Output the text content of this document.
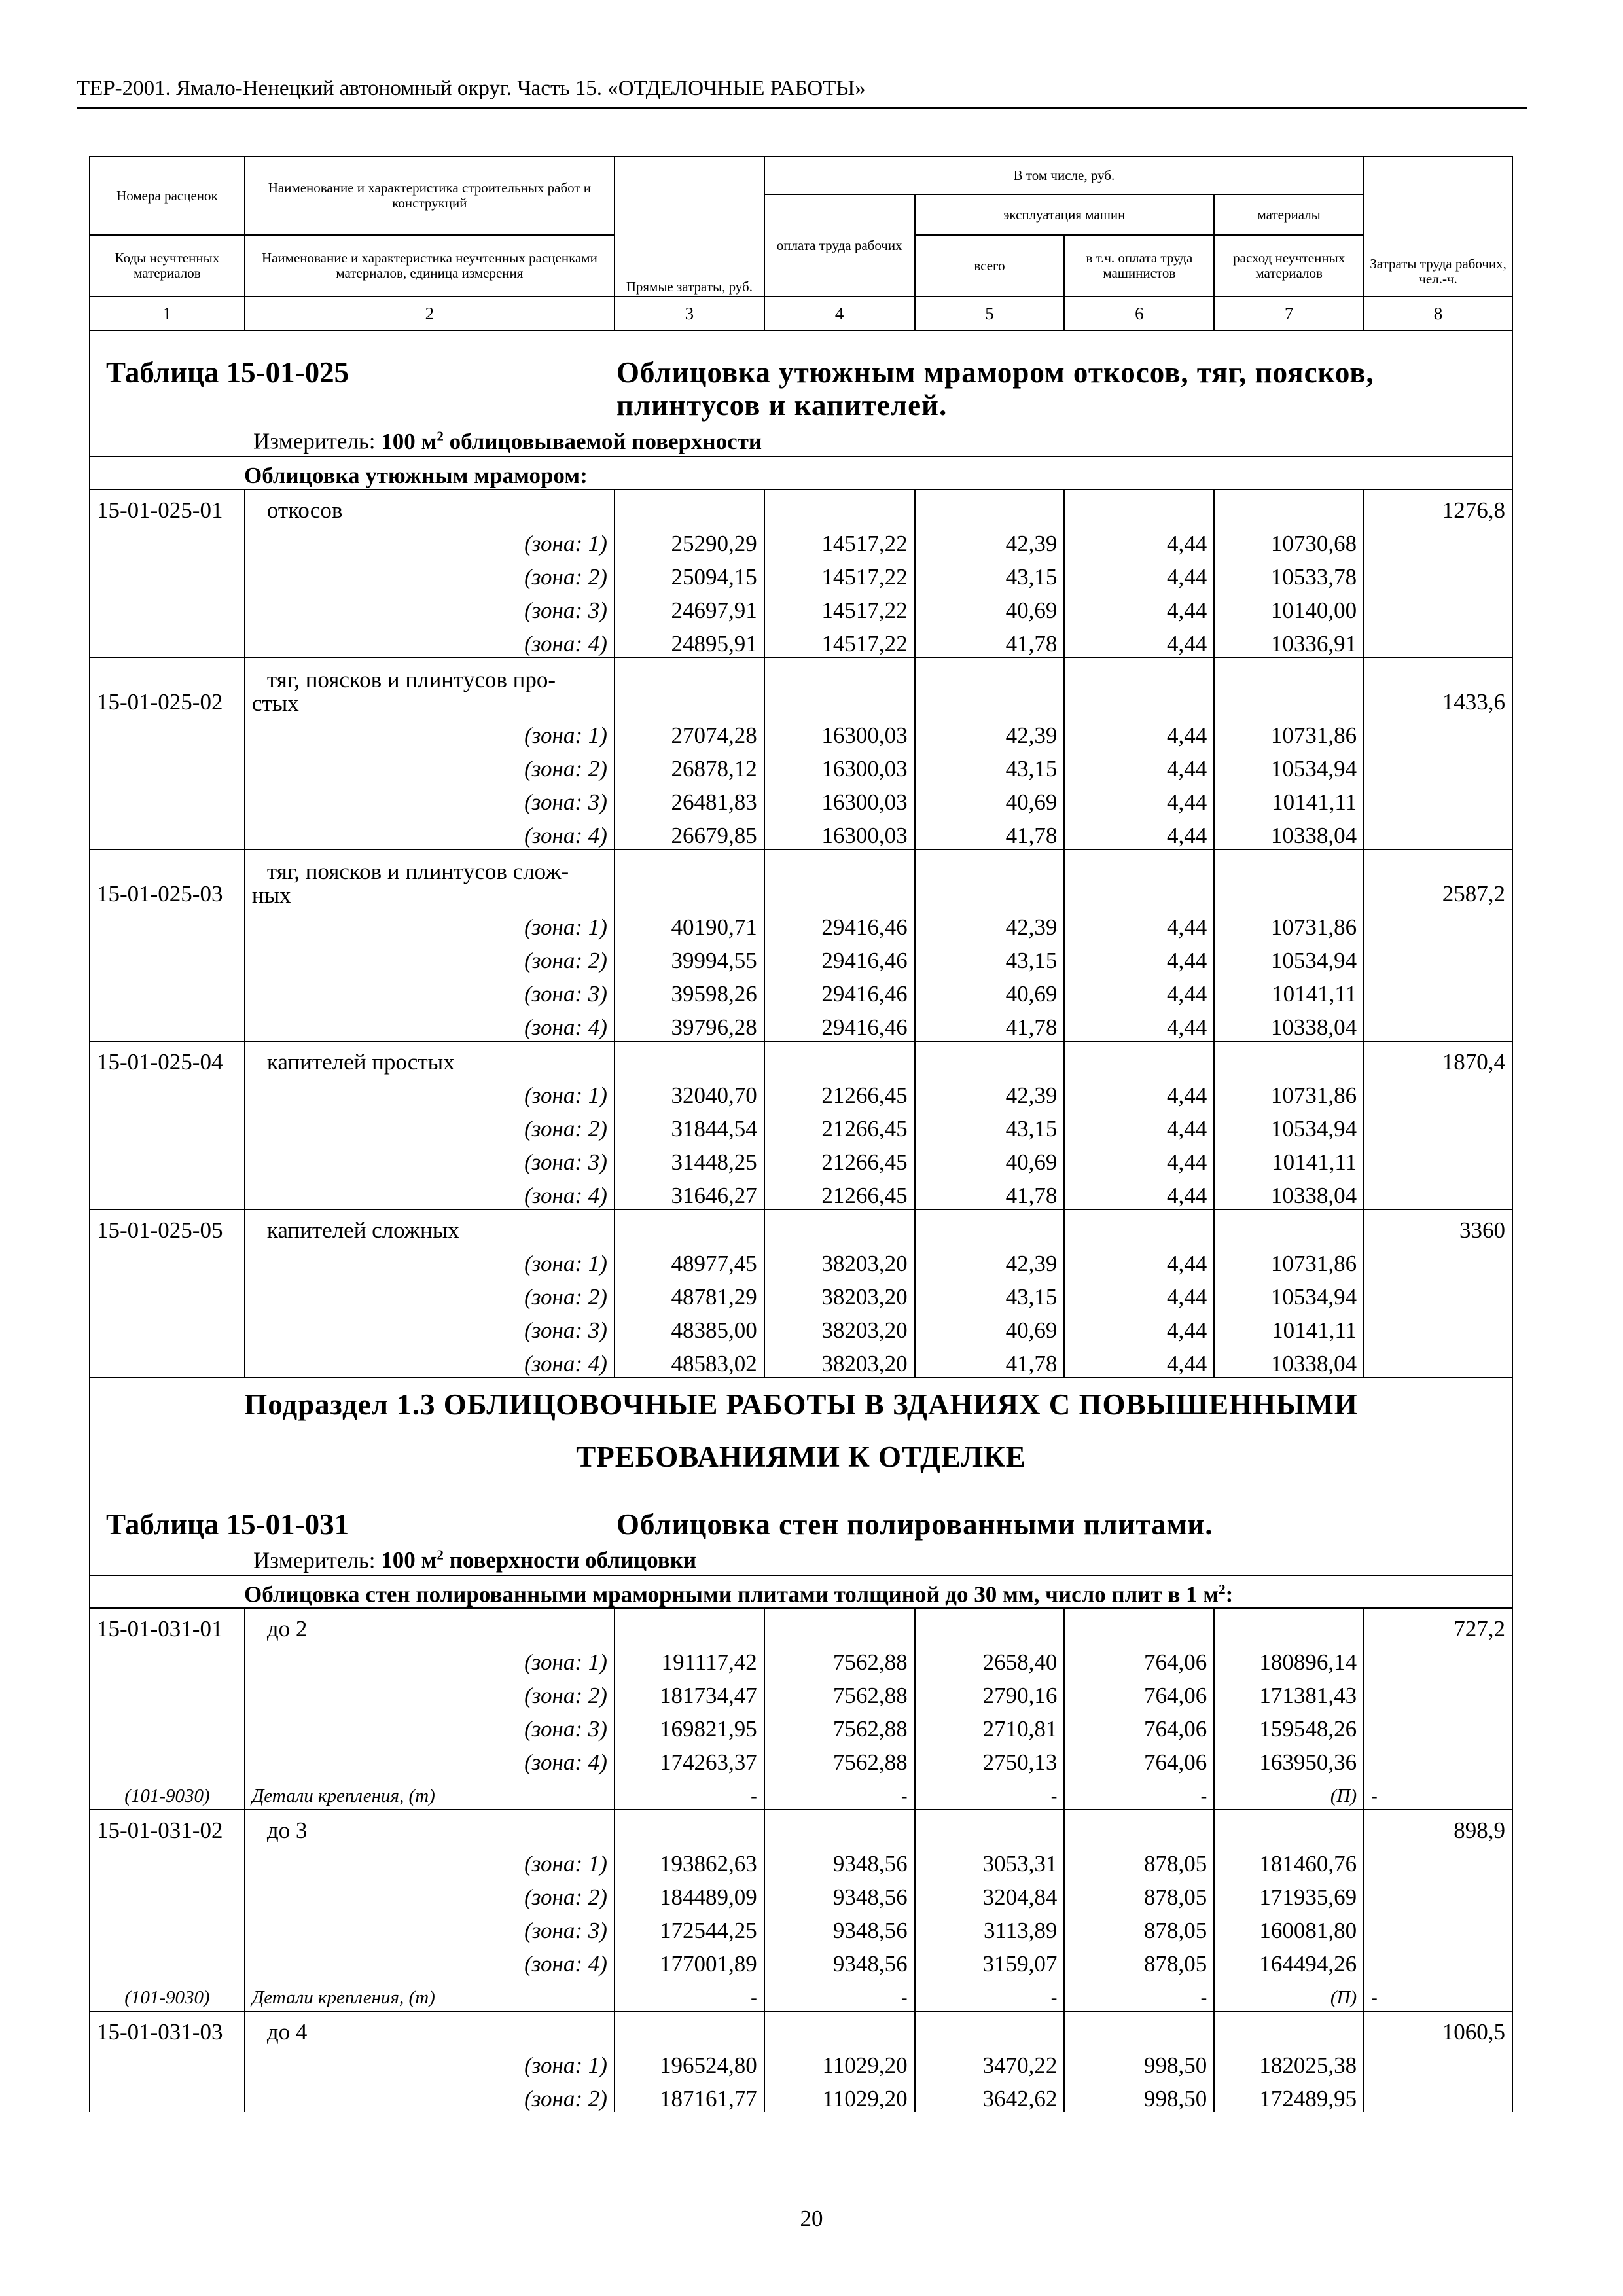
ТЕР-2001. Ямало-Ненецкий автономный округ. Часть 15. «ОТДЕЛОЧНЫЕ РАБОТЫ»
Номера расценок	Наименование и характеристика строительных работ и конструкций	Прямые затраты, руб.	В том числе, руб.				Затраты труда рабочих, чел.-ч.
			оплата труда рабочих	эксплуатация машин		материалы	
				всего	в т.ч. оплата труда машинистов	расход неучтенных материалов	
Коды неучтенных материалов	Наименование и характеристика неучтенных расценками материалов, единица измерения						
1	2	3	4	5	6	7	8

Таблица 15-01-025 Облицовка утюжным мрамором откосов, тяг, поясков, плинтусов и капителей.
Измеритель: 100 $м^2$ облицовываемой поверхности							

Облицовка утюжным мрамором:							
15-01-025-01	откосов						1276,8
	(зона: 1)	25290,29	14517,22	42,39	4,44	10730,68	
	(зона: 2)	25094,15	14517,22	43,15	4,44	10533,78	
	(зона: 3)	24697,91	14517,22	40,69	4,44	10140,00	
	(зона: 4)	24895,91	14517,22	41,78	4,44	10336,91	
15-01-025-02	тяг, поясков и плинтусов про-
стых						1433,6
	(зона: 1)	27074,28	16300,03	42,39	4,44	10731,86	
	(зона: 2)	26878,12	16300,03	43,15	4,44	10534,94	
	(зона: 3)	26481,83	16300,03	40,69	4,44	10141,11	
	(зона: 4)	26679,85	16300,03	41,78	4,44	10338,04	
15-01-025-03	тяг, поясков и плинтусов слож-
ных						2587,2
	(зона: 1)	40190,71	29416,46	42,39	4,44	10731,86	
	(зона: 2)	39994,55	29416,46	43,15	4,44	10534,94	
	(зона: 3)	39598,26	29416,46	40,69	4,44	10141,11	
	(зона: 4)	39796,28	29416,46	41,78	4,44	10338,04	
15-01-025-04	капителей простых						1870,4
	(зона: 1)	32040,70	21266,45	42,39	4,44	10731,86	
	(зона: 2)	31844,54	21266,45	43,15	4,44	10534,94	
	(зона: 3)	31448,25	21266,45	40,69	4,44	10141,11	
	(зона: 4)	31646,27	21266,45	41,78	4,44	10338,04	
15-01-025-05	капителей сложных						3360
	(зона: 1)	48977,45	38203,20	42,39	4,44	10731,86	
	(зона: 2)	48781,29	38203,20	43,15	4,44	10534,94	
	(зона: 3)	48385,00	38203,20	40,69	4,44	10141,11	
	(зона: 4)	48583,02	38203,20	41,78	4,44	10338,04	

Подраздел 1.3 ОБЛИЦОВОЧНЫЕ РАБОТЫ В ЗДАНИЯХ С ПОВЫШЕННЫМИ
ТРЕБОВАНИЯМИ К ОТДЕЛКЕ							

Таблица 15-01-031 Облицовка стен полированными плитами.
Измеритель: 100 $м^2$ поверхности облицовки							

Облицовка стен полированными мраморными плитами толщиной до 30 мм, число плит в 1 $м^2$:							
15-01-031-01	до 2						727,2
	(зона: 1)	191117,42	7562,88	2658,40	764,06	180896,14	
	(зона: 2)	181734,47	7562,88	2790,16	764,06	171381,43	
	(зона: 3)	169821,95	7562,88	2710,81	764,06	159548,26	
	(зона: 4)	174263,37	7562,88	2750,13	764,06	163950,36	
(101-9030)	Детали крепления, (т)	-	-	-	-	(П)	-
15-01-031-02	до 3						898,9
	(зона: 1)	193862,63	9348,56	3053,31	878,05	181460,76	
	(зона: 2)	184489,09	9348,56	3204,84	878,05	171935,69	
	(зона: 3)	172544,25	9348,56	3113,89	878,05	160081,80	
	(зона: 4)	177001,89	9348,56	3159,07	878,05	164494,26	
(101-9030)	Детали крепления, (т)	-	-	-	-	(П)	-
15-01-031-03	до 4						1060,5
	(зона: 1)	196524,80	11029,20	3470,22	998,50	182025,38	
	(зона: 2)	187161,77	11029,20	3642,62	998,50	172489,95	
20
